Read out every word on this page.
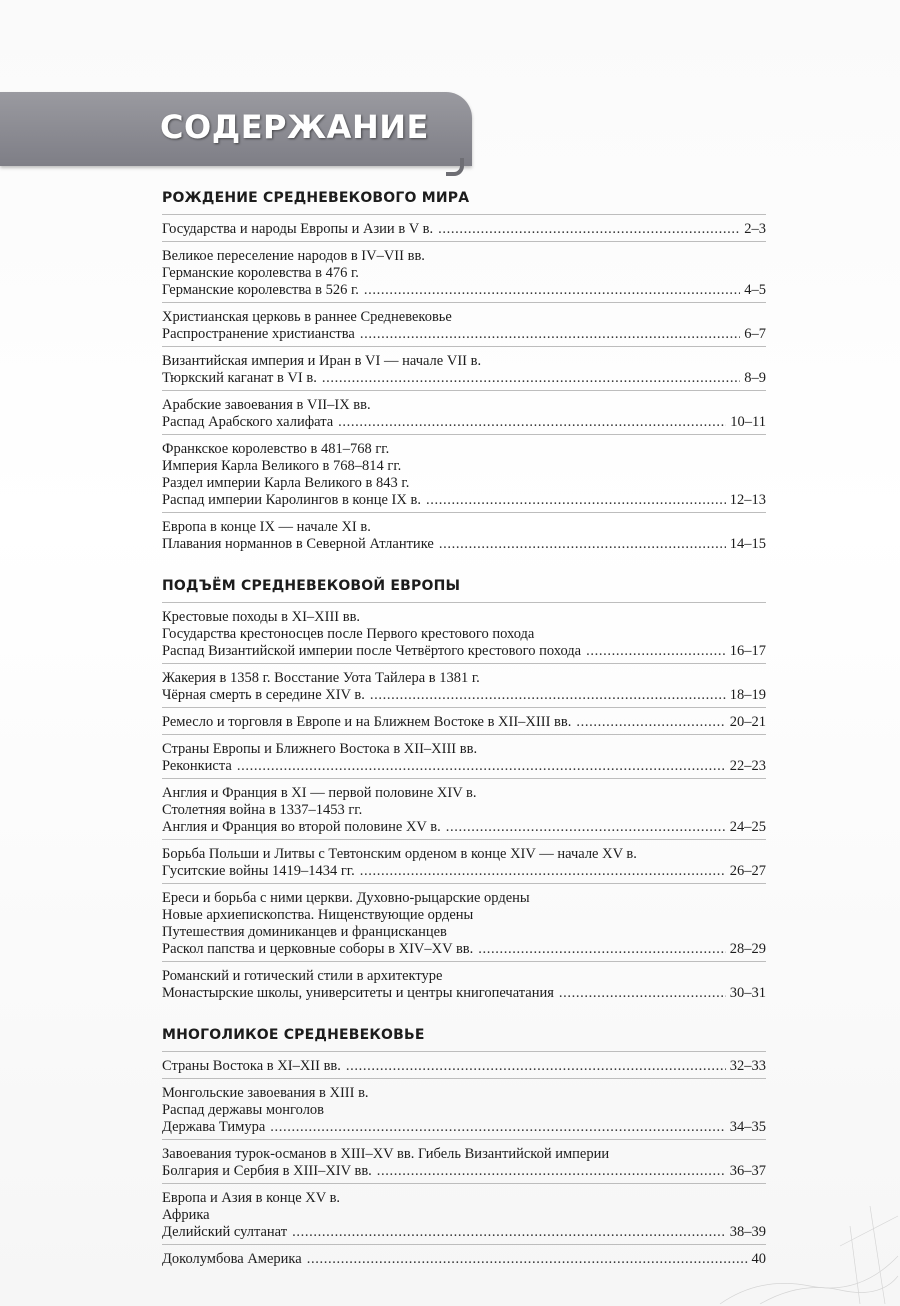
СОДЕРЖАНИЕ
РОЖДЕНИЕ СРЕДНЕВЕКОВОГО МИРА
Государства и народы Европы и Азии в V в. . . .	2–3
Великое переселение народов в IV–VII вв.
Германские королевства в 476 г.
Германские королевства в 526 г. . . .	4–5
Христианская церковь в раннее Средневековье
Распространение христианства . . .	6–7
Византийская империя и Иран в VI — начале VII в.
Тюркский каганат в VI в. . . .	8–9
Арабские завоевания в VII–IX вв.
Распад Арабского халифата . . .	10–11
Франкское королевство в 481–768 гг.
Империя Карла Великого в 768–814 гг.
Раздел империи Карла Великого в 843 г.
Распад империи Каролингов в конце IX в. . . .	12–13
Европа в конце IX — начале XI в.
Плавания норманнов в Северной Атлантике . . .	14–15
ПОДЪЁМ СРЕДНЕВЕКОВОЙ ЕВРОПЫ
Крестовые походы в XI–XIII вв.
Государства крестоносцев после Первого крестового похода
Распад Византийской империи после Четвёртого крестового похода . . .	16–17
Жакерия в 1358 г. Восстание Уота Тайлера в 1381 г.
Чёрная смерть в середине XIV в. . . .	18–19
Ремесло и торговля в Европе и на Ближнем Востоке в XII–XIII вв. . . .	20–21
Страны Европы и Ближнего Востока в XII–XIII вв.
Реконкиста . . .	22–23
Англия и Франция в XI — первой половине XIV в.
Столетняя война в 1337–1453 гг.
Англия и Франция во второй половине XV в. . . .	24–25
Борьба Польши и Литвы с Тевтонским орденом в конце XIV — начале XV в.
Гуситские войны 1419–1434 гг. . . .	26–27
Ереси и борьба с ними церкви. Духовно-рыцарские ордены
Новые архиепископства. Нищенствующие ордены
Путешествия доминиканцев и францисканцев
Раскол папства и церковные соборы в XIV–XV вв. . . .	28–29
Романский и готический стили в архитектуре
Монастырские школы, университеты и центры книгопечатания . . .	30–31
МНОГОЛИКОЕ СРЕДНЕВЕКОВЬЕ
Страны Востока в XI–XII вв. . . .	32–33
Монгольские завоевания в XIII в.
Распад державы монголов
Держава Тимура . . .	34–35
Завоевания турок-османов в XIII–XV вв. Гибель Византийской империи
Болгария и Сербия в XIII–XIV вв. . . .	36–37
Европа и Азия в конце XV в.
Африка
Делийский султанат . . .	38–39
Доколумбова Америка . . .	40
